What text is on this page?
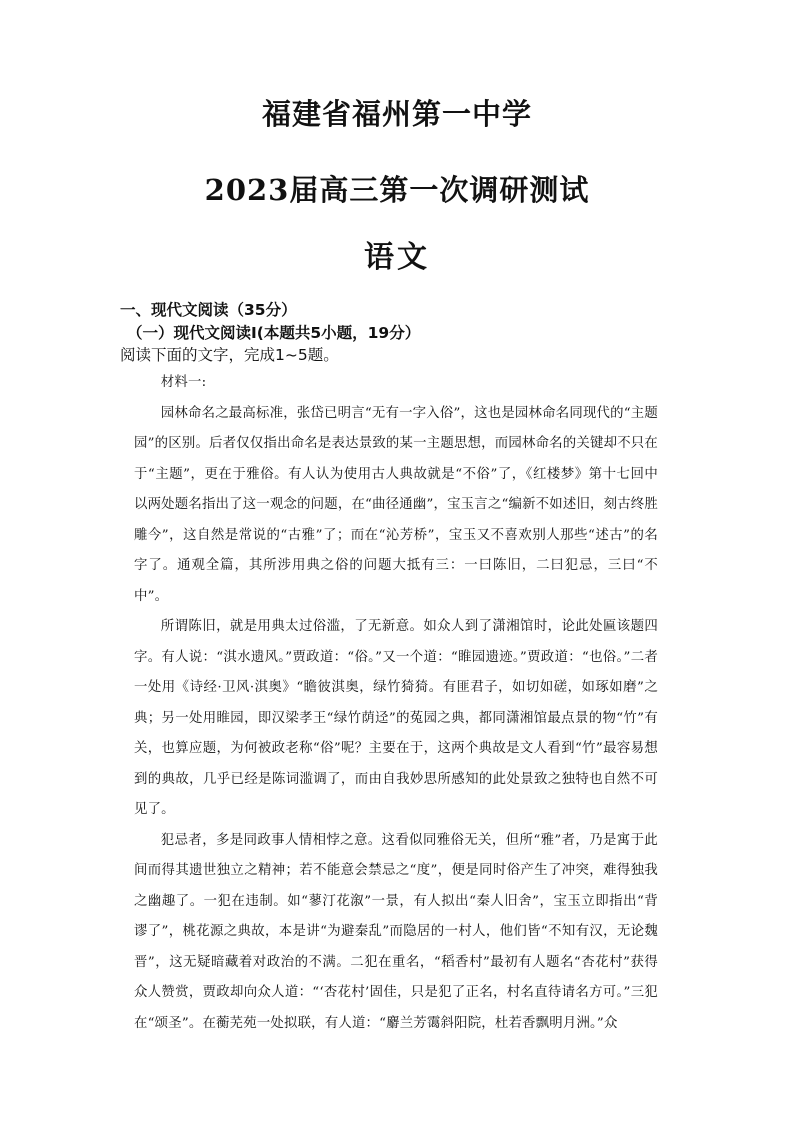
福建省福州第一中学
2023届高三第一次调研测试
语文
一、现代文阅读（35分）
（一）现代文阅读Ⅰ(本题共5小题，19分）
阅读下面的文字，完成1~5题。

材料一:

园林命名之最高标准，张岱已明言“无有一字入俗”，这也是园林命名同现代的“主题园”的区别。后者仅仅指出命名是表达景致的某一主题思想，而园林命名的关键却不只在于“主题”，更在于雅俗。有人认为使用古人典故就是“不俗”了，《红楼梦》第十七回中以两处题名指出了这一观念的问题，在“曲径通幽”，宝玉言之“编新不如述旧，刻古终胜雕今”，这自然是常说的“古雅”了；而在“沁芳桥”，宝玉又不喜欢别人那些“述古”的名字了。通观全篇，其所涉用典之俗的问题大抵有三：一曰陈旧，二曰犯忌，三曰“不中”。

所谓陈旧，就是用典太过俗滥，了无新意。如众人到了潇湘馆时，论此处匾该题四字。有人说：“淇水遗风。”贾政道：“俗。”又一个道：“睢园遗迹。”贾政道：“也俗。”二者一处用《诗经·卫风·淇奥》“瞻彼淇奥，绿竹猗猗。有匪君子，如切如磋，如琢如磨”之典；另一处用睢园，即汉梁孝王“绿竹荫迳”的菟园之典，都同潇湘馆最点景的物“竹”有关，也算应题，为何被政老称“俗”呢？主要在于，这两个典故是文人看到“竹”最容易想到的典故，几乎已经是陈词滥调了，而由自我妙思所感知的此处景致之独特也自然不可见了。

犯忌者，多是同政事人情相悖之意。这看似同雅俗无关，但所“雅”者，乃是寓于此间而得其遗世独立之精神；若不能意会禁忌之“度”，便是同时俗产生了冲突，难得独我之幽趣了。一犯在违制。如“蓼汀花溆”一景，有人拟出“秦人旧舍”，宝玉立即指出“背谬了”，桃花源之典故，本是讲“为避秦乱”而隐居的一村人，他们皆“不知有汉，无论魏晋”，这无疑暗藏着对政治的不满。二犯在重名，“稻香村”最初有人题名“杏花村”获得众人赞赏，贾政却向众人道：“‘杏花村’固佳，只是犯了正名，村名直待请名方可。”三犯在“颂圣”。在蘅芜苑一处拟联，有人道：“麝兰芳霭斜阳院，杜若香飘明月洲。”众
